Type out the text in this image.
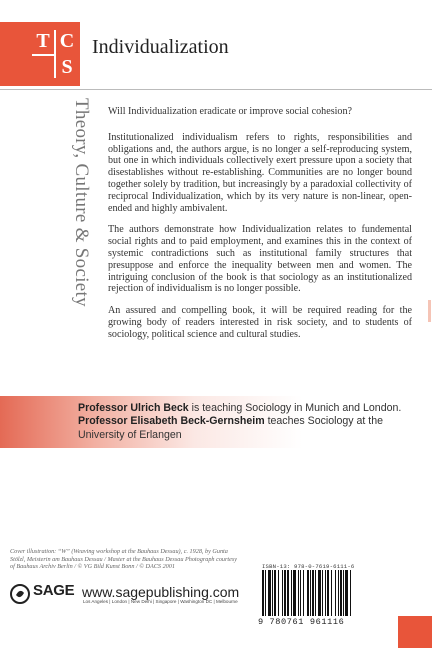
T C
S
Individualization
Theory, Culture & Society Will Individualization eradicate or improve social cohesion?

Institutionalized individualism refers to rights, responsibilities and obligations and, the authors argue, is no longer a self-reproducing system, but one in which individuals collectively exert pressure upon a society that disestablishes without re-establishing. Communities are no longer bound together solely by tradition, but increasingly by a paradoxial collectivity of reciprocal Individualization, which by its very nature is non-linear, open-ended and highly ambivalent.

The authors demonstrate how Individualization relates to fundemental social rights and to paid employment, and examines this in the context of systemic contradictions such as institutional family structures that presuppose and enforce the inequality between men and women. The intriguing conclusion of the book is that sociology as an institutionalized rejection of individualism is no longer possible.

An assured and compelling book, it will be required reading for the growing body of readers interested in risk society, and to students of sociology, political science and cultural studies.

Professor Ulrich Beck is teaching Sociology in Munich and London.
Professor Elisabeth Beck-Gernsheim teaches Sociology at the University of Erlangen
Cover illustration: “W” (Weaving workshop at the Bauhaus Dessau), c. 1928, by Gunta Stölzl, Meisterin am Bauhaus Dessau / Master at the Bauhaus Dessau Photograph courtesy of Bauhaus Archiv Berlin / © VG Bild Kunst Bonn / © DACS 2001
SAGE www.sagepublishing.com
Los Angeles | London | New Delhi | Singapore | Washington DC | Melbourne
ISBN-13: 978-0-7619-6111-6
9 780761 961116
